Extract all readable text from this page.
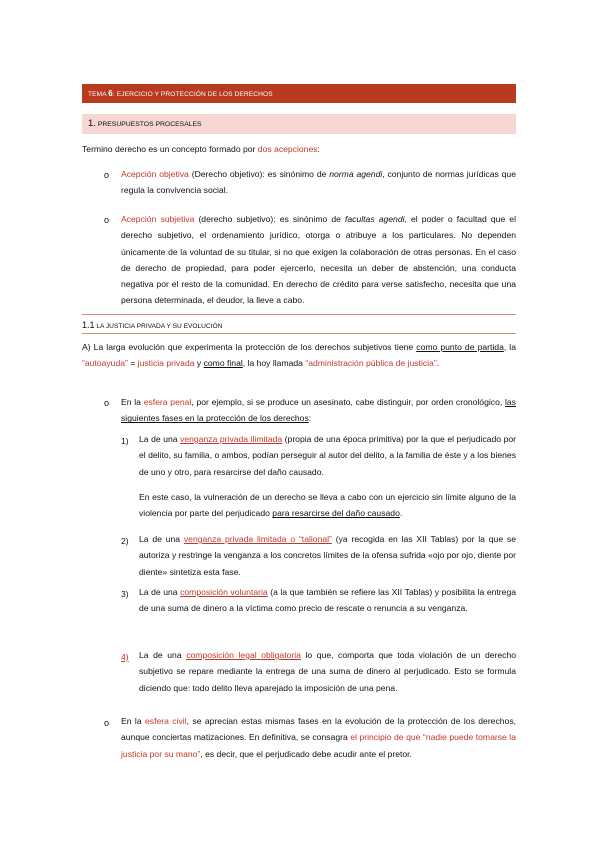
TEMA 6: EJERCICIO Y PROTECCIÓN DE LOS DERECHOS
1. PRESUPUESTOS PROCESALES
Termino derecho es un concepto formado por dos acepciones:
o Acepción objetiva (Derecho objetivo): es sinónimo de norma agendi, conjunto de normas jurídicas que regula la convivencia social.
o Acepción subjetiva (derecho subjetivo): es sinónimo de facultas agendi, el poder o facultad que el derecho subjetivo, el ordenamiento jurídico, otorga o atribuye a los particulares. No dependen únicamente de la voluntad de su titular, si no que exigen la colaboración de otras personas. En el caso de derecho de propiedad, para poder ejercerlo, necesita un deber de abstención, una conducta negativa por el resto de la comunidad. En derecho de crédito para verse satisfecho, necesita que una persona determinada, el deudor, la lleve a cabo.
1.1 LA JUSTICIA PRIVADA Y SU EVOLUCIÓN
A) La larga evolución que experimenta la protección de los derechos subjetivos tiene como punto de partida, la “autoayuda” = justicia privada y como final, la hoy llamada “administración pública de justicia”.
o En la esfera penal, por ejemplo, si se produce un asesinato, cabe distinguir, por orden cronológico, las siguientes fases en la protección de los derechos:
1) La de una venganza privada ilimitada (propia de una época primitiva) por la que el perjudicado por el delito, su familia, o ambos, podían perseguir al autor del delito, a la familia de éste y a los bienes de uno y otro, para resarcirse del daño causado.
En este caso, la vulneración de un derecho se lleva a cabo con un ejercicio sin límite alguno de la violencia por parte del perjudicado para resarcirse del daño causado.
2) La de una venganza privada limitada o “talional” (ya recogida en las XII Tablas) por la que se autoriza y restringe la venganza a los concretos límites de la ofensa sufrida «ojo por ojo, diente por diente» sintetiza esta fase.
3) La de una composición voluntaria (a la que también se refiere las XII Tablas) y posibilita la entrega de una suma de dinero a la víctima como precio de rescate o renuncia a su venganza.
4) La de una composición legal obligatoria lo que, comporta que toda violación de un derecho subjetivo se repare mediante la entrega de una suma de dinero al perjudicado. Esto se formula diciendo que: todo delito lleva aparejado la imposición de una pena.
o En la esfera civil, se aprecian estas mismas fases en la evolución de la protección de los derechos, aunque conciertas matizaciones. En definitiva, se consagra el principio de que “nadie puede tomarse la justicia por su mano”, es decir, que el perjudicado debe acudir ante el pretor.
